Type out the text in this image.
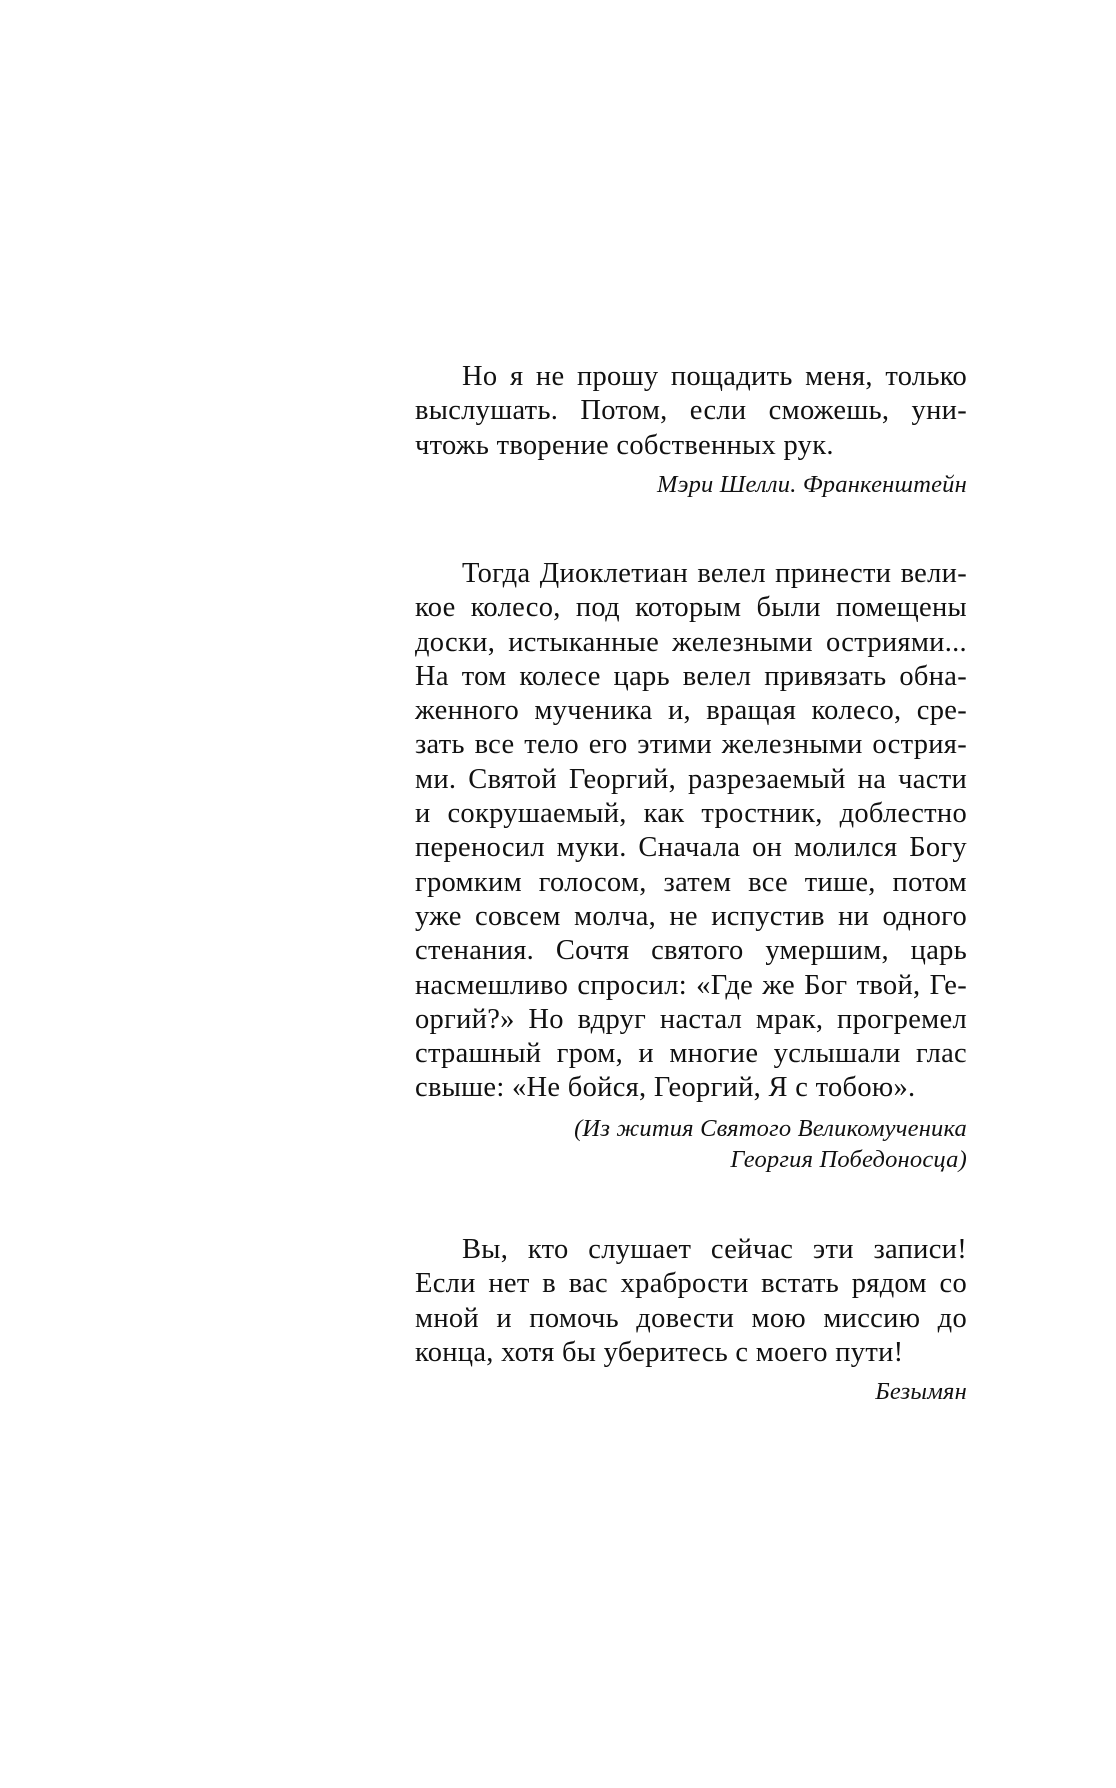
Но я не прошу пощадить меня, только
выслушать. Потом, если сможешь, уни-
чтожь творение собственных рук.
Мэри Шелли. Франкенштейн
Тогда Диоклетиан велел принести вели-
кое колесо, под которым были помещены
доски, истыканные железными остриями...
На том колесе царь велел привязать обна-
женного мученика и, вращая колесо, сре-
зать все тело его этими железными острия-
ми. Святой Георгий, разрезаемый на части
и сокрушаемый, как тростник, доблестно
переносил муки. Сначала он молился Богу
громким голосом, затем все тише, потом
уже совсем молча, не испустив ни одного
стенания. Сочтя святого умершим, царь
насмешливо спросил: «Где же Бог твой, Ге-
оргий?» Но вдруг настал мрак, прогремел
страшный гром, и многие услышали глас
свыше: «Не бойся, Георгий, Я с тобою».
(Из жития Святого Великомученика
Георгия Победоносца)
Вы, кто слушает сейчас эти записи!
Если нет в вас храбрости встать рядом со
мной и помочь довести мою миссию до
конца, хотя бы уберитесь с моего пути!
Безымян
